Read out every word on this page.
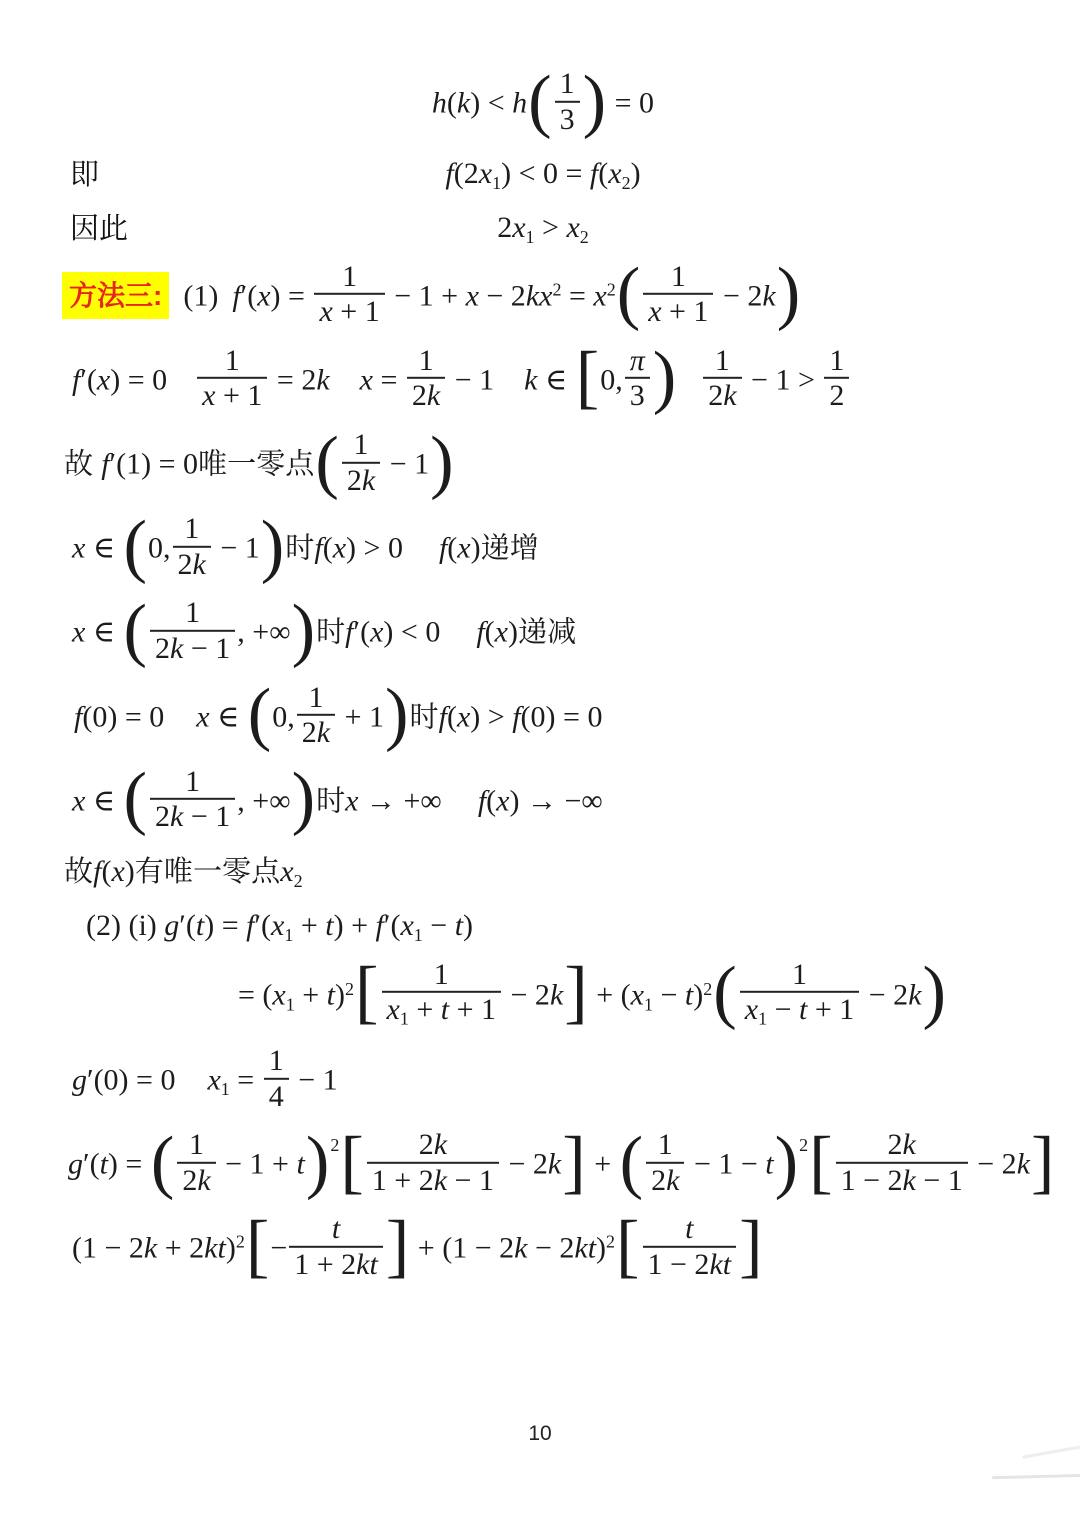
$h(k) < h( \frac{1}{3}$ ) = 0
即	f(2x1) < 0 = f(x2)
因此	2x1 > x2
方法三: (1) $f'(x) = \frac{1}{x + 1} - 1 + x - 2kx^2 = x^2( \frac{1}{x + 1} - 2k)$
$f'(x) = 0 \frac{1}{x + 1} = 2k$ $x = \frac{1}{2k} - 1$ k ∈ [0, $\frac{\pi}{3}$ ) $\frac{1}{2k} - 1 > \frac{1}{2}$
故 f′(1) = 0唯一零点( $\frac{1}{2k} - 1$)
x ∈ (0, $\frac{1}{2k} - 1$)时f(x) > 0 f(x)递增
x ∈ ( $\frac{1}{2k - 1}$ , +∞)时f′(x) < 0 f(x)递减
f(0) = 0 x ∈ (0, $\frac{1}{2k} + 1$)时f(x) > f(0) = 0
x ∈ ( $\frac{1}{2k - 1}$ , +∞)时x → +∞ f(x) → −∞
故f(x)有唯一零点x2
(2) (i) g′(t) = f′(x1 + t) + f′(x1 − t)
= $(x1 + t)^2[ \frac{1}{x1 + t + 1} - 2k] + (x1 - t)^2( \frac{1}{x1 - t + 1} - 2k)$
g′(0) = 0 $x1 = \frac{1}{4} - 1$
g′(t) = ( $\frac{1}{2k} - 1 + t)^2[ \frac{2k}{1 + 2k - 1} - 2k]$ + ( $\frac{1}{2k} - 1 - t)^2[ \frac{2k}{1 - 2k - 1} - 2k]$
$(1 - 2k + 2kt)^2[- \frac{t}{1 + 2kt}$ ] + $(1 - 2k - 2kt)^2[ \frac{t}{1 - 2kt}$ ]
10
